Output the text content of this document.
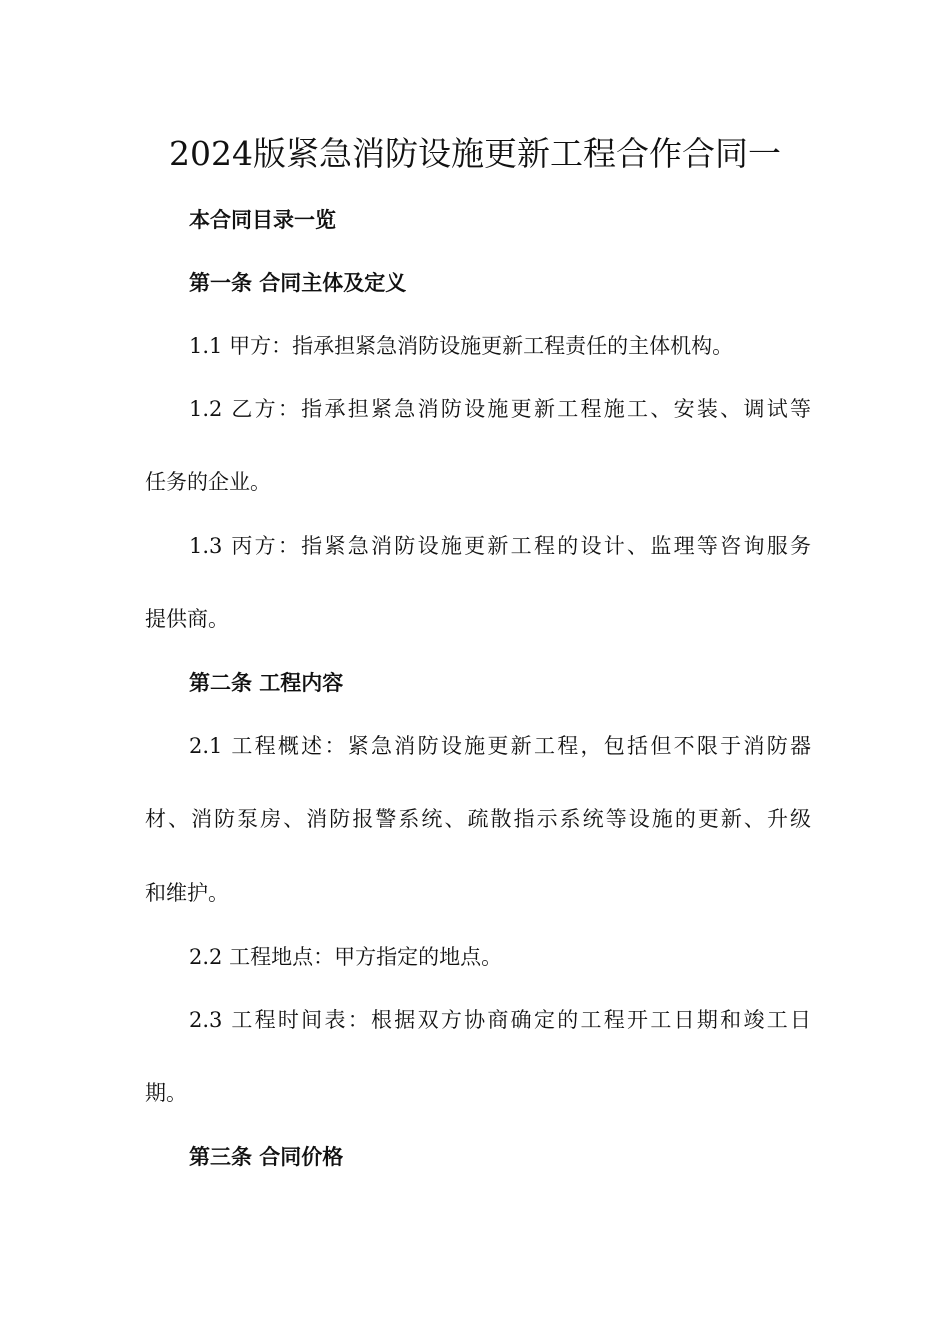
2024版紧急消防设施更新工程合作合同一

本合同目录一览

第一条 合同主体及定义

1.1 甲方：指承担紧急消防设施更新工程责任的主体机构。

1.2 乙方：指承担紧急消防设施更新工程施工、安装、调试等

任务的企业。

1.3 丙方：指紧急消防设施更新工程的设计、监理等咨询服务

提供商。

第二条 工程内容

2.1 工程概述：紧急消防设施更新工程，包括但不限于消防器

材、消防泵房、消防报警系统、疏散指示系统等设施的更新、升级

和维护。

2.2 工程地点：甲方指定的地点。

2.3 工程时间表：根据双方协商确定的工程开工日期和竣工日

期。

第三条 合同价格
